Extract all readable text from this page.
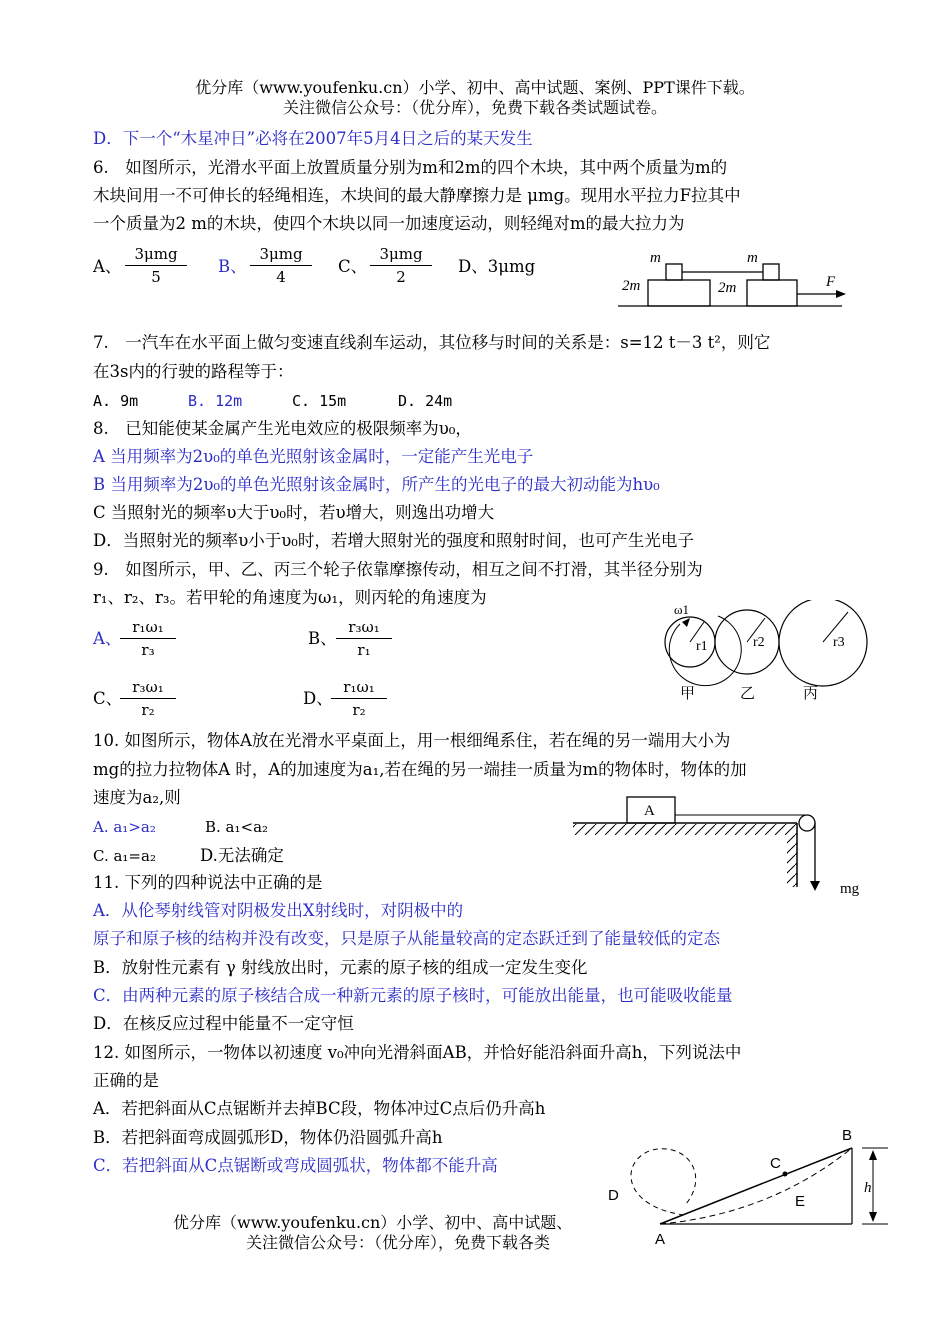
优分库（www.youfenku.cn）小学、初中、高中试题、案例、PPT课件下载。
关注微信公众号：（优分库），免费下载各类试题试卷。
D．下一个“木星冲日”必将在2007年5月4日之后的某天发生
6.　如图所示，光滑水平面上放置质量分别为m和2m的四个木块，其中两个质量为m的
木块间用一不可伸长的轻绳相连，木块间的最大静摩擦力是 μmg。现用水平拉力F拉其中
一个质量为2 m的木块，使四个木块以同一加速度运动，则轻绳对m的最大拉力为
A、
3μmg
5
B、
3μmg
4
C、
3μmg
2
D、3μmg	m	m
2m	2m	F
7.　一汽车在水平面上做匀变速直线刹车运动，其位移与时间的关系是：s=12 t－3 t²，则它
在3s内的行驶的路程等于：
A. 9m	B. 12m	C. 15m	D. 24m
8.　已知能使某金属产生光电效应的极限频率为υ₀，
A 当用频率为2υ₀的单色光照射该金属时，一定能产生光电子
B 当用频率为2υ₀的单色光照射该金属时，所产生的光电子的最大初动能为hυ₀
C 当照射光的频率υ大于υ₀时，若υ增大，则逸出功增大
D．当照射光的频率υ小于υ₀时，若增大照射光的强度和照射时间，也可产生光电子
9.　如图所示，甲、乙、丙三个轮子依靠摩擦传动，相互之间不打滑，其半径分别为
r₁、r₂、r₃。若甲轮的角速度为ω₁，则丙轮的角速度为
A、
r₁ω₁
r₃
B、
r₃ω₁
r₁
C、
r₃ω₁
r₂
D、
r₁ω₁
r₂
ω1
r1	r2	r3
甲	乙	丙
10. 如图所示，物体A放在光滑水平桌面上，用一根细绳系住，若在绳的另一端用大小为
mg的拉力拉物体A 时，A的加速度为a₁,若在绳的另一端挂一质量为m的物体时，物体的加
速度为a₂,则
A. a₁>a₂	B. a₁<a₂
C. a₁=a₂	D.无法确定
A
mg
11. 下列的四种说法中正确的是
A．从伦琴射线管对阴极发出X射线时，对阴极中的
原子和原子核的结构并没有改变，只是原子从能量较高的定态跃迁到了能量较低的定态
B．放射性元素有 γ 射线放出时，元素的原子核的组成一定发生变化
C．由两种元素的原子核结合成一种新元素的原子核时，可能放出能量，也可能吸收能量
D．在核反应过程中能量不一定守恒
12. 如图所示，一物体以初速度 v₀冲向光滑斜面AB，并恰好能沿斜面升高h，下列说法中
正确的是
A．若把斜面从C点锯断并去掉BC段，物体冲过C点后仍升高h
B．若把斜面弯成圆弧形D，物体仍沿圆弧升高h
C．若把斜面从C点锯断或弯成圆弧状，物体都不能升高
A
B
C
D	E
h
优分库（www.youfenku.cn）小学、初中、高中试题、
关注微信公众号：（优分库），免费下载各类
